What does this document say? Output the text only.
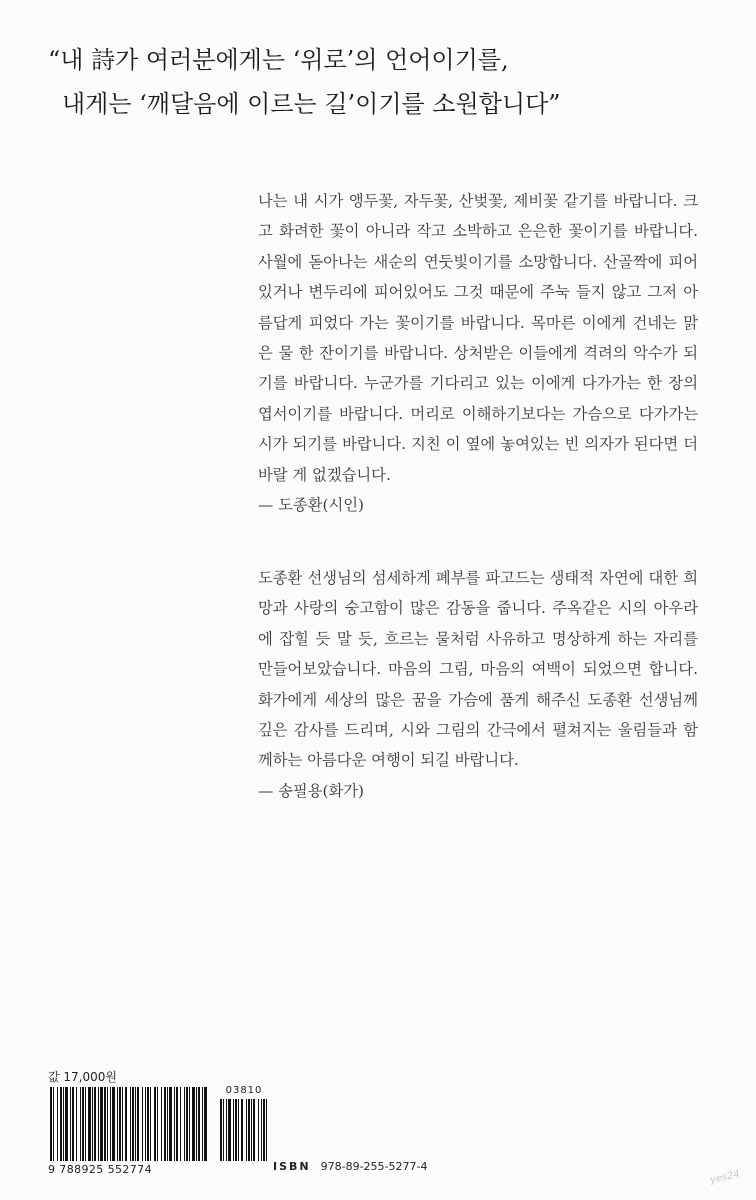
“내 詩가 여러분에게는 ‘위로’의 언어이기를,
내게는 ‘깨달음에 이르는 길’이기를 소원합니다”
나는 내 시가 앵두꽃, 자두꽃, 산벚꽃, 제비꽃 같기를 바랍니다. 크고 화려한 꽃이 아니라 작고 소박하고 은은한 꽃이기를 바랍니다. 사월에 돋아나는 새순의 연둣빛이기를 소망합니다. 산골짝에 피어있거나 변두리에 피어있어도 그것 때문에 주눅 들지 않고 그저 아름답게 피었다 가는 꽃이기를 바랍니다. 목마른 이에게 건네는 맑은 물 한 잔이기를 바랍니다. 상처받은 이들에게 격려의 악수가 되기를 바랍니다. 누군가를 기다리고 있는 이에게 다가가는 한 장의 엽서이기를 바랍니다. 머리로 이해하기보다는 가슴으로 다가가는 시가 되기를 바랍니다. 지친 이 옆에 놓여있는 빈 의자가 된다면 더 바랄 게 없겠습니다.
— 도종환(시인)
도종환 선생님의 섬세하게 폐부를 파고드는 생태적 자연에 대한 희망과 사랑의 숭고함이 많은 감동을 줍니다. 주옥같은 시의 아우라에 잡힐 듯 말 듯, 흐르는 물처럼 사유하고 명상하게 하는 자리를 만들어보았습니다. 마음의 그림, 마음의 여백이 되었으면 합니다. 화가에게 세상의 많은 꿈을 가슴에 품게 해주신 도종환 선생님께 깊은 감사를 드리며, 시와 그림의 간극에서 펼쳐지는 울림들과 함께하는 아름다운 여행이 되길 바랍니다.
— 송필용(화가)
값 17,000원
03810
9 788925 552774	ISBN 978-89-255-5277-4
yes24
